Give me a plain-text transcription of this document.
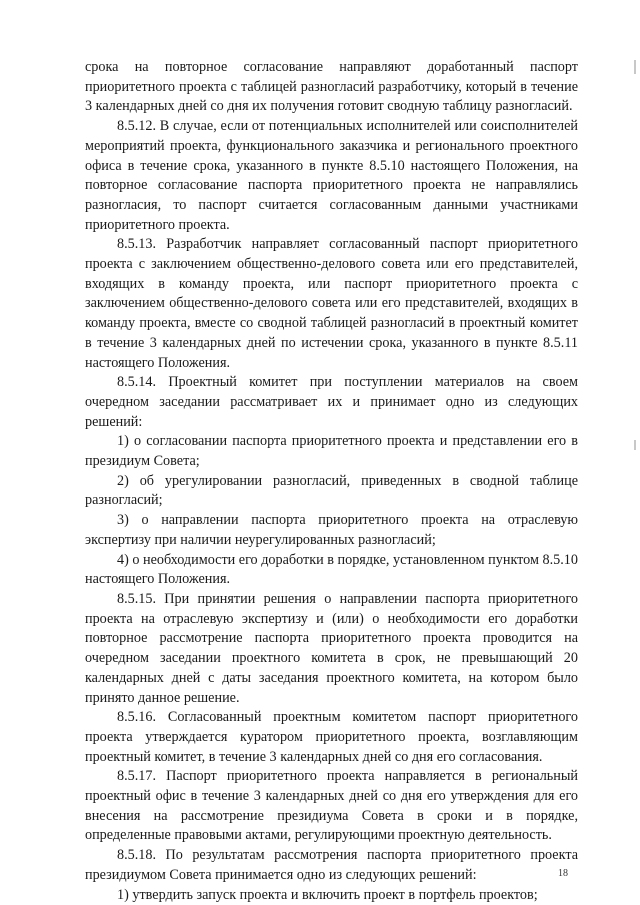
срока на повторное согласование направляют доработанный паспорт приоритетного проекта с таблицей разногласий разработчику, который в течение 3 календарных дней со дня их получения готовит сводную таблицу разногласий.

8.5.12. В случае, если от потенциальных исполнителей или соисполнителей мероприятий проекта, функционального заказчика и регионального проектного офиса в течение срока, указанного в пункте 8.5.10 настоящего Положения, на повторное согласование паспорта приоритетного проекта не направлялись разногласия, то паспорт считается согласованным данными участниками приоритетного проекта.

8.5.13. Разработчик направляет согласованный паспорт приоритетного проекта с заключением общественно-делового совета или его представителей, входящих в команду проекта, или паспорт приоритетного проекта с заключением общественно-делового совета или его представителей, входящих в команду проекта, вместе со сводной таблицей разногласий в проектный комитет в течение 3 календарных дней по истечении срока, указанного в пункте 8.5.11 настоящего Положения.

8.5.14. Проектный комитет при поступлении материалов на своем очередном заседании рассматривает их и принимает одно из следующих решений:

1) о согласовании паспорта приоритетного проекта и представлении его в президиум Совета;

2) об урегулировании разногласий, приведенных в сводной таблице разногласий;

3) о направлении паспорта приоритетного проекта на отраслевую экспертизу при наличии неурегулированных разногласий;

4) о необходимости его доработки в порядке, установленном пунктом 8.5.10 настоящего Положения.

8.5.15. При принятии решения о направлении паспорта приоритетного проекта на отраслевую экспертизу и (или) о необходимости его доработки повторное рассмотрение паспорта приоритетного проекта проводится на очередном заседании проектного комитета в срок, не превышающий 20 календарных дней с даты заседания проектного комитета, на котором было принято данное решение.

8.5.16. Согласованный проектным комитетом паспорт приоритетного проекта утверждается куратором приоритетного проекта, возглавляющим проектный комитет, в течение 3 календарных дней со дня его согласования.

8.5.17. Паспорт приоритетного проекта направляется в региональный проектный офис в течение 3 календарных дней со дня его утверждения для его внесения на рассмотрение президиума Совета в сроки и в порядке, определенные правовыми актами, регулирующими проектную деятельность.

8.5.18. По результатам рассмотрения паспорта приоритетного проекта президиумом Совета принимается одно из следующих решений:

1) утвердить запуск проекта и включить проект в портфель проектов;

18
